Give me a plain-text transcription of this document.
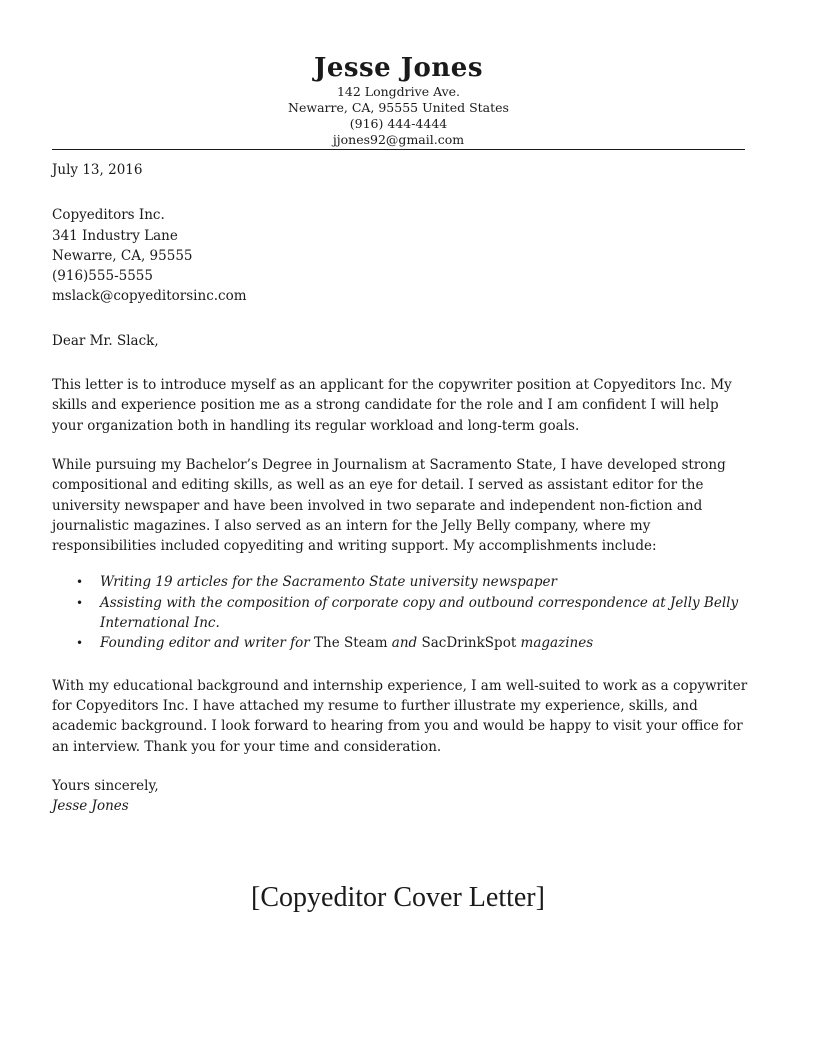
Jesse Jones

142 Longdrive Ave.

Newarre, CA, 95555 United States

(916) 444-4444

jjones92@gmail.com

July 13, 2016

Copyeditors Inc.

341 Industry Lane

Newarre, CA, 95555

(916)555-5555

mslack@copyeditorsinc.com

Dear Mr. Slack,

This letter is to introduce myself as an applicant for the copywriter position at Copyeditors Inc. My skills and experience position me as a strong candidate for the role and I am confident I will help your organization both in handling its regular workload and long-term goals.

While pursuing my Bachelor’s Degree in Journalism at Sacramento State, I have developed strong compositional and editing skills, as well as an eye for detail. I served as assistant editor for the university newspaper and have been involved in two separate and independent non-fiction and journalistic magazines. I also served as an intern for the Jelly Belly company, where my responsibilities included copyediting and writing support. My accomplishments include:

• Writing 19 articles for the Sacramento State university newspaper
• Assisting with the composition of corporate copy and outbound correspondence at Jelly Belly International Inc.
• Founding editor and writer for The Steam and SacDrinkSpot magazines

With my educational background and internship experience, I am well-suited to work as a copywriter for Copyeditors Inc. I have attached my resume to further illustrate my experience, skills, and academic background. I look forward to hearing from you and would be happy to visit your office for an interview. Thank you for your time and consideration.

Yours sincerely,

Jesse Jones

[Copyeditor Cover Letter]
